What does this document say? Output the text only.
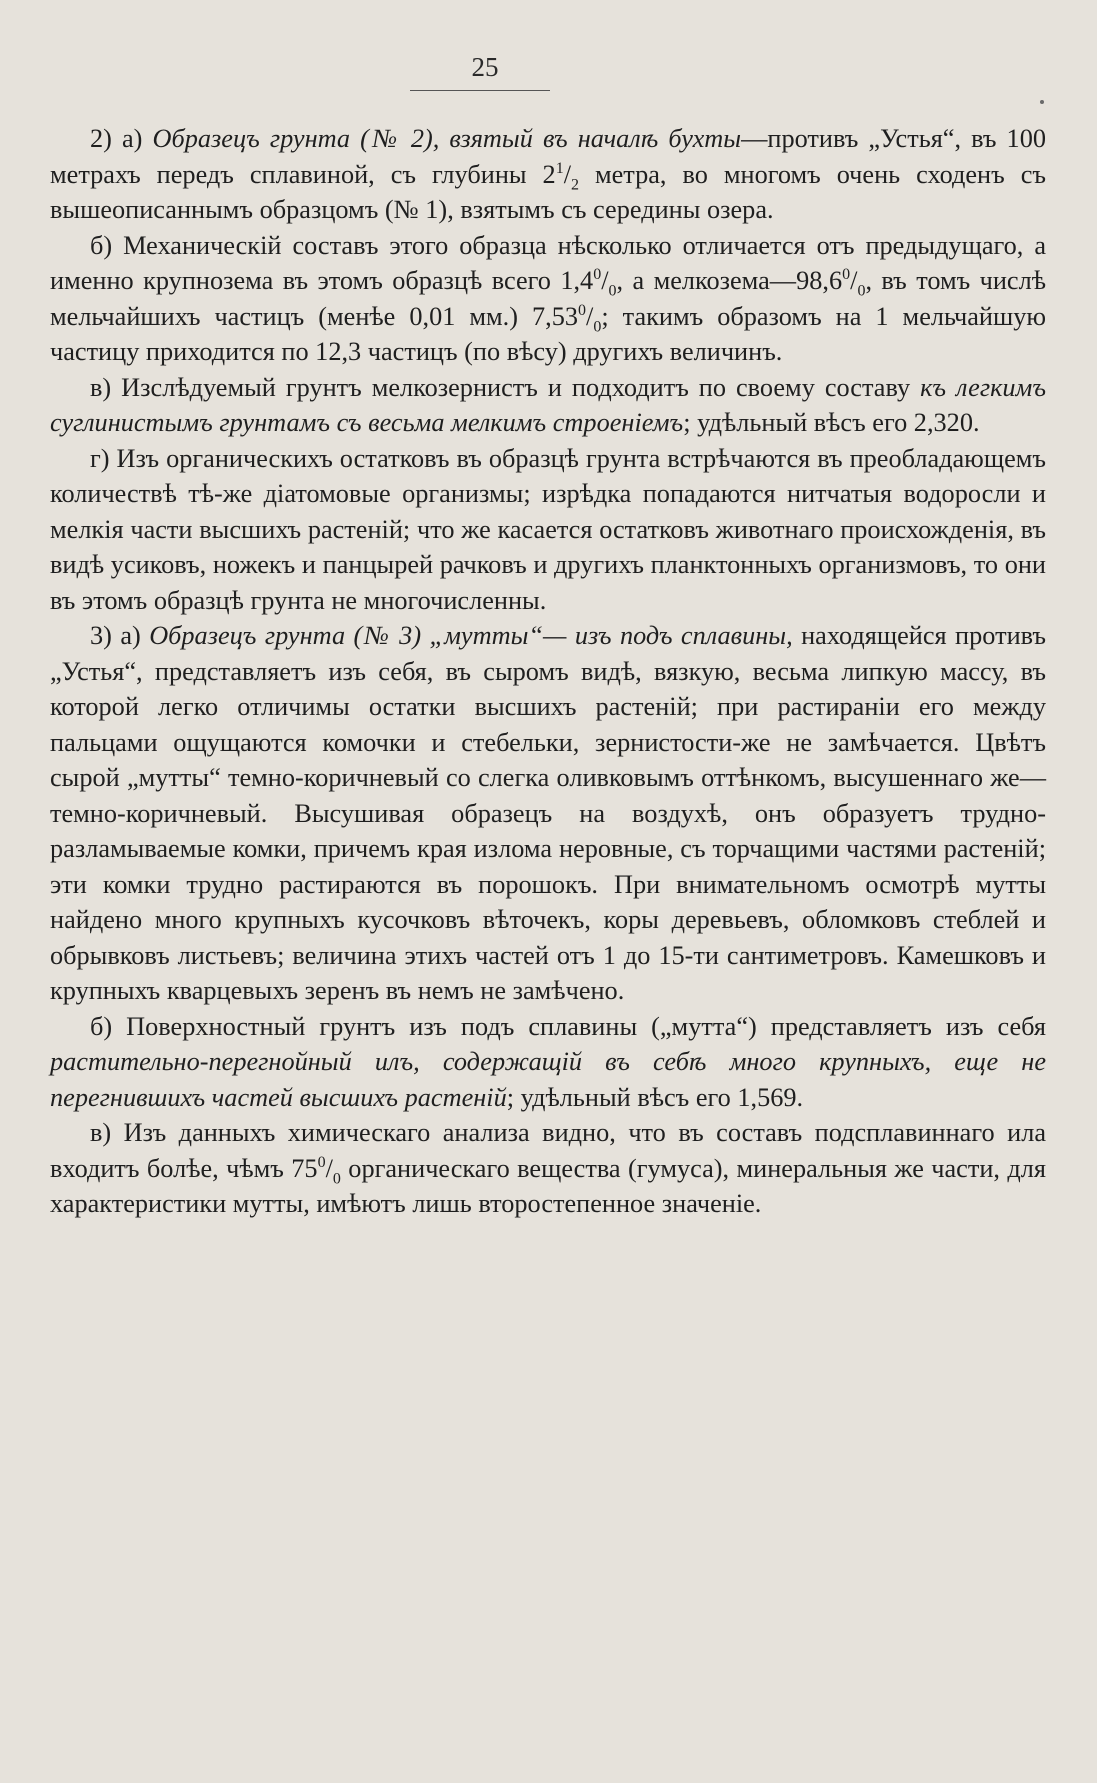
25

2) а) Образецъ грунта (№ 2), взятый въ началѣ бухты—противъ „Устья“, въ 100 метрахъ передъ сплавиной, съ глубины $2^1/_2$ метра, во многомъ очень сходенъ съ вышеописаннымъ образцомъ (№ 1), взятымъ съ середины озера.

б) Механическій составъ этого образца нѣсколько отличается отъ предыдущаго, а именно крупнозема въ этомъ образцѣ всего $1,4^0/_0$, а $мелкозема—98,6^0/_0$, въ томъ числѣ мельчайшихъ частицъ (менѣе 0,01 мм.) $7,53^0/_0$; такимъ образомъ на 1 мельчайшую частицу приходится по 12,3 частицъ (по вѣсу) другихъ величинъ.

в) Изслѣдуемый грунтъ мелкозернистъ и подходитъ по своему составу къ легкимъ суглинистымъ грунтамъ съ весьма мелкимъ строеніемъ; удѣльный вѣсъ его 2,320.

г) Изъ органическихъ остатковъ въ образцѣ грунта встрѣчаются въ преобладающемъ количествѣ тѣ-же діатомовые организмы; изрѣдка попадаются нитчатыя водоросли и мелкія части высшихъ растеній; что же касается остатковъ животнаго происхожденія, въ видѣ усиковъ, ножекъ и панцырей рачковъ и другихъ планктонныхъ организмовъ, то они въ этомъ образцѣ грунта не многочисленны.

3) а) Образецъ грунта (№ 3) „мутты“— изъ подъ сплавины, находящейся противъ „Устья“, представляетъ изъ себя, въ сыромъ видѣ, вязкую, весьма липкую массу, въ которой легко отличимы остатки высшихъ растеній; при растираніи его между пальцами ощущаются комочки и стебельки, зернистости-же не замѣчается. Цвѣтъ сырой „мутты“ темно-коричневый со слегка оливковымъ оттѣнкомъ, высушеннаго же—темно-коричневый. Высушивая образецъ на воздухѣ, онъ образуетъ трудно-разламываемые комки, причемъ края излома неровные, съ торчащими частями растеній; эти комки трудно растираются въ порошокъ. При внимательномъ осмотрѣ мутты найдено много крупныхъ кусочковъ вѣточекъ, коры деревьевъ, обломковъ стеблей и обрывковъ листьевъ; величина этихъ частей отъ 1 до 15-ти сантиметровъ. Камешковъ и крупныхъ кварцевыхъ зеренъ въ немъ не замѣчено.

б) Поверхностный грунтъ изъ подъ сплавины („мутта“) представляетъ изъ себя растительно-перегнойный илъ, содержащій въ себѣ много крупныхъ, еще не перегнившихъ частей высшихъ растеній; удѣльный вѣсъ его 1,569.

в) Изъ данныхъ химическаго анализа видно, что въ составъ подсплавиннаго ила входитъ болѣе, чѣмъ $75^0/_0$ органическаго вещества (гумуса), минеральныя же части, для характеристики мутты, имѣютъ лишь второстепенное значеніе.
